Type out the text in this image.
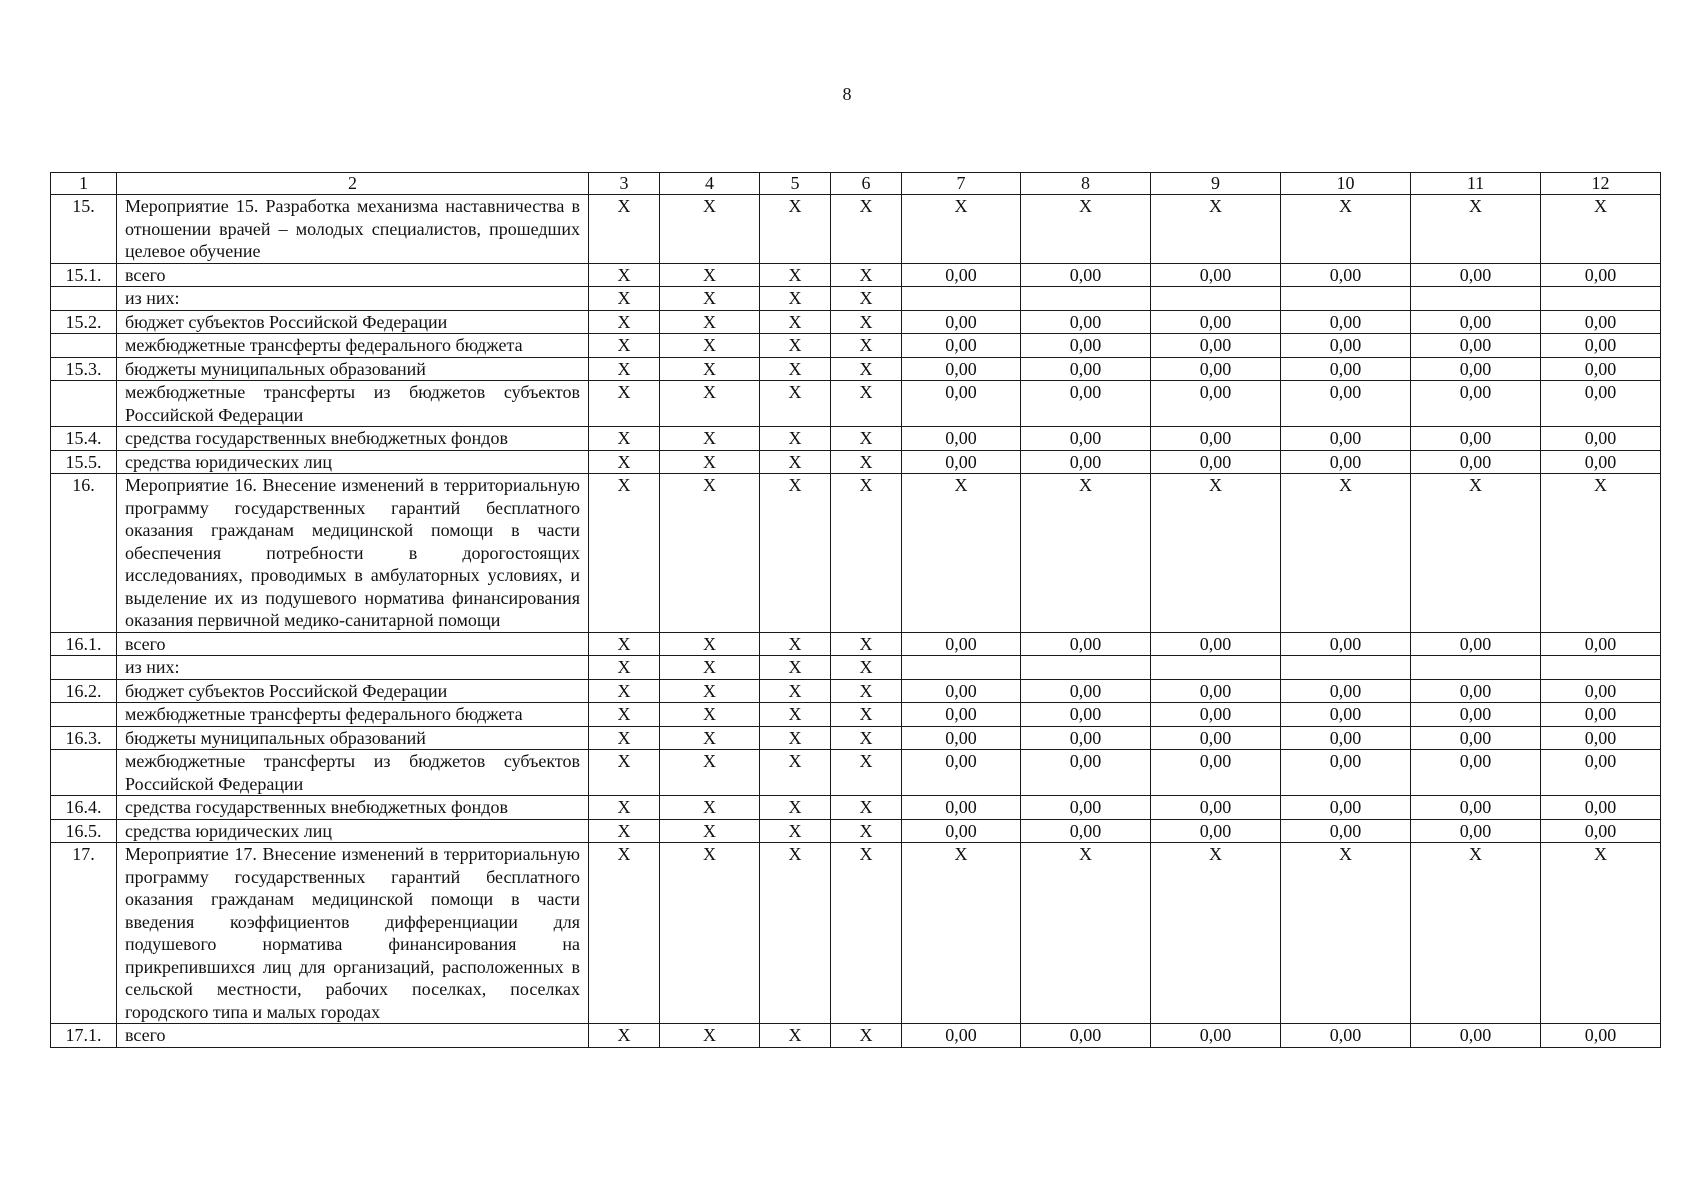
8
1	2	3	4	5	6	7	8	9	10	11	12
15.	Мероприятие 15. Разработка механизма наставничества в отношении врачей – молодых специалистов, прошедших целевое обучение	X	X	X	X	X	X	X	X	X	X
15.1.	всего	X	X	X	X	0,00	0,00	0,00	0,00	0,00	0,00
	из них:	X	X	X	X						
15.2.	бюджет субъектов Российской Федерации	X	X	X	X	0,00	0,00	0,00	0,00	0,00	0,00
	межбюджетные трансферты федерального бюджета	X	X	X	X	0,00	0,00	0,00	0,00	0,00	0,00
15.3.	бюджеты муниципальных образований	X	X	X	X	0,00	0,00	0,00	0,00	0,00	0,00
	межбюджетные трансферты из бюджетов субъектов Российской Федерации	X	X	X	X	0,00	0,00	0,00	0,00	0,00	0,00
15.4.	средства государственных внебюджетных фондов	X	X	X	X	0,00	0,00	0,00	0,00	0,00	0,00
15.5.	средства юридических лиц	X	X	X	X	0,00	0,00	0,00	0,00	0,00	0,00
16.	Мероприятие 16. Внесение изменений в территориальную программу государственных гарантий бесплатного оказания гражданам медицинской помощи в части обеспечения потребности в дорогостоящих исследованиях, проводимых в амбулаторных условиях, и выделение их из подушевого норматива финансирования оказания первичной медико-санитарной помощи	X	X	X	X	X	X	X	X	X	X
16.1.	всего	X	X	X	X	0,00	0,00	0,00	0,00	0,00	0,00
	из них:	X	X	X	X						
16.2.	бюджет субъектов Российской Федерации	X	X	X	X	0,00	0,00	0,00	0,00	0,00	0,00
	межбюджетные трансферты федерального бюджета	X	X	X	X	0,00	0,00	0,00	0,00	0,00	0,00
16.3.	бюджеты муниципальных образований	X	X	X	X	0,00	0,00	0,00	0,00	0,00	0,00
	межбюджетные трансферты из бюджетов субъектов Российской Федерации	X	X	X	X	0,00	0,00	0,00	0,00	0,00	0,00
16.4.	средства государственных внебюджетных фондов	X	X	X	X	0,00	0,00	0,00	0,00	0,00	0,00
16.5.	средства юридических лиц	X	X	X	X	0,00	0,00	0,00	0,00	0,00	0,00
17.	Мероприятие 17. Внесение изменений в территориальную программу государственных гарантий бесплатного оказания гражданам медицинской помощи в части введения коэффициентов дифференциации для подушевого норматива финансирования на прикрепившихся лиц для организаций, расположенных в сельской местности, рабочих поселках, поселках городского типа и малых городах	X	X	X	X	X	X	X	X	X	X
17.1.	всего	X	X	X	X	0,00	0,00	0,00	0,00	0,00	0,00
